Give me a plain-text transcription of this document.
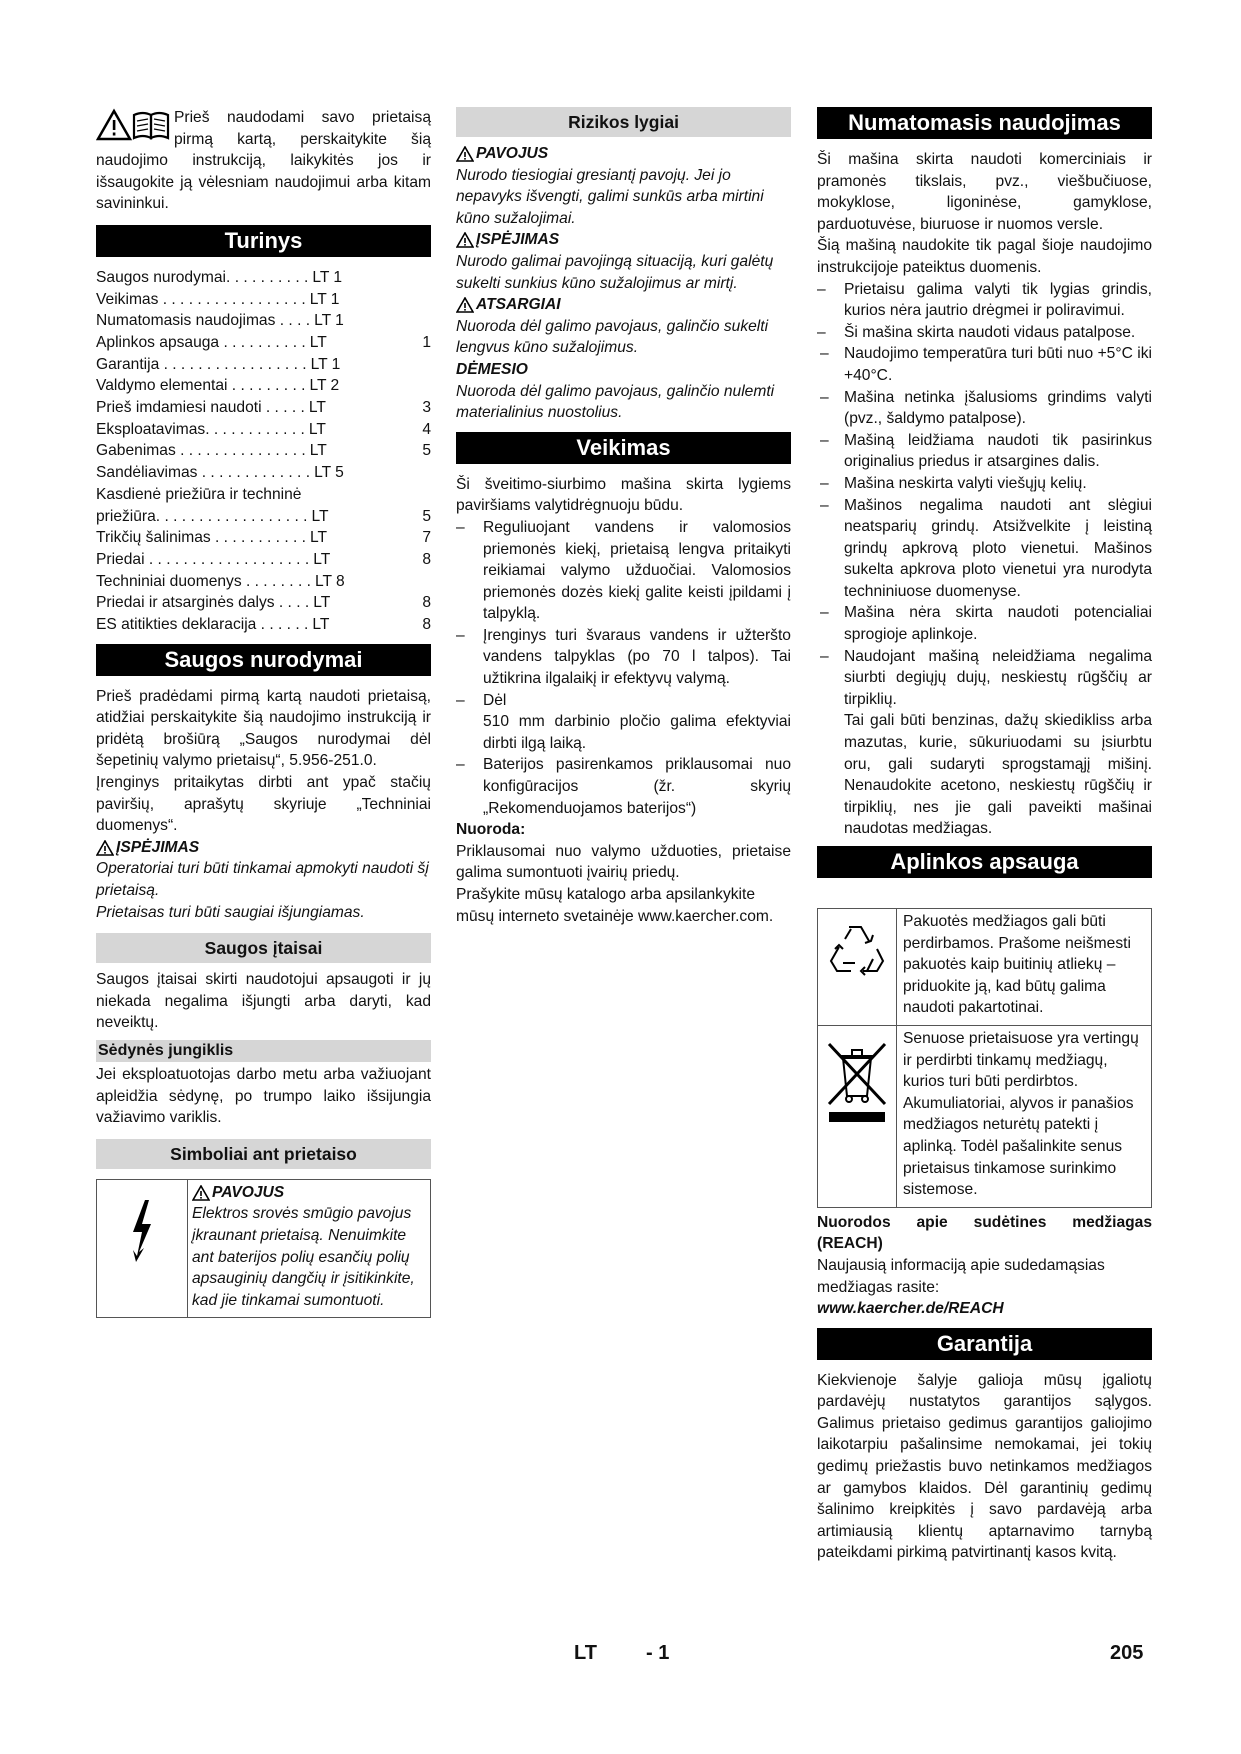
Prieš naudodami savo prietaisą pirmą kartą, perskaitykite šią naudojimo instrukciją, laikykitės jos ir išsaugokite ją vėlesniam naudojimui arba kitam savininkui.

Turinys
Saugos nurodymai. . . . . . . . . . LT 1
Veikimas . . . . . . . . . . . . . . . . . LT 1
Numatomasis naudojimas . . . . LT 1
Aplinkos apsauga . . . . . . . . . . LT	1
Garantija . . . . . . . . . . . . . . . . . LT 1
Valdymo elementai . . . . . . . . . LT 2
Prieš imdamiesi naudoti . . . . . LT	3
Eksploatavimas. . . . . . . . . . . . LT	4
Gabenimas . . . . . . . . . . . . . . . LT	5
Sandėliavimas . . . . . . . . . . . . . LT 5
Kasdienė priežiūra ir techninė
priežiūra. . . . . . . . . . . . . . . . . . LT	5
Trikčių šalinimas . . . . . . . . . . . LT	7
Priedai . . . . . . . . . . . . . . . . . . . LT	8
Techniniai duomenys . . . . . . . . LT 8
Priedai ir atsarginės dalys . . . . LT	8
ES atitikties deklaracija . . . . . . LT	8
Saugos nurodymai

Prieš pradėdami pirmą kartą naudoti prietaisą, atidžiai perskaitykite šią naudojimo instrukciją ir pridėtą brošiūrą „Saugos nurodymai dėl šepetinių valymo prietaisų“, 5.956-251.0.

Įrenginys pritaikytas dirbti ant ypač stačių paviršių, aprašytų skyriuje „Techniniai duomenys“.

ĮSPĖJIMAS

Operatoriai turi būti tinkamai apmokyti naudoti šį prietaisą.

Prietaisas turi būti saugiai išjungiamas.

Saugos įtaisai

Saugos įtaisai skirti naudotojui apsaugoti ir jų niekada negalima išjungti arba daryti, kad neveiktų.

Sėdynės jungiklis

Jei eksploatuotojas darbo metu arba važiuojant apleidžia sėdynę, po trumpo laiko išsijungia važiavimo variklis.

Simboliai ant prietaiso
PAVOJUS

Elektros srovės smūgio pavojus įkraunant prietaisą. Nenuimkite ant baterijos polių esančių polių apsauginių dangčių ir įsitikinkite, kad jie tinkamai sumontuoti.

Rizikos lygiai
PAVOJUS

Nurodo tiesiogiai gresiantį pavojų. Jei jo nepavyks išvengti, galimi sunkūs arba mirtini kūno sužalojimai.

ĮSPĖJIMAS

Nurodo galimai pavojingą situaciją, kuri galėtų sukelti sunkius kūno sužalojimus ar mirtį.

ATSARGIAI

Nuoroda dėl galimo pavojaus, galinčio sukelti lengvus kūno sužalojimus.

DĖMESIO

Nuoroda dėl galimo pavojaus, galinčio nulemti materialinius nuostolius.

Veikimas

Ši šveitimo-siurbimo mašina skirta lygiems paviršiams valytidrėgnuoju būdu.

– Reguliuojant vandens ir valomosios priemonės kiekį, prietaisą lengva pritaikyti reikiamai valymo užduočiai. Valomosios priemonės dozės kiekį galite keisti įpildami į talpyklą.
– Įrenginys turi švaraus vandens ir užteršto vandens talpyklas (po 70 l talpos). Tai užtikrina ilgalaikį ir efektyvų valymą.
– Dėl
510 mm darbinio pločio galima efektyviai dirbti ilgą laiką.
– Baterijos pasirenkamos priklausomai nuo konfigūracijos (žr. skyrių „Rekomenduojamos baterijos“)

Nuoroda:

Priklausomai nuo valymo užduoties, prietaise galima sumontuoti įvairių priedų.

Prašykite mūsų katalogo arba apsilankykite mūsų interneto svetainėje www.kaercher.com.

Numatomasis naudojimas

Ši mašina skirta naudoti komerciniais ir pramonės tikslais, pvz., viešbučiuose, mokyklose, ligoninėse, gamyklose, parduotuvėse, biuruose ir nuomos versle.

Šią mašiną naudokite tik pagal šioje naudojimo instrukcijoje pateiktus duomenis.

– Prietaisu galima valyti tik lygias grindis, kurios nėra jautrio drėgmei ir poliravimui.
– Ši mašina skirta naudoti vidaus patalpose.
– Naudojimo temperatūra turi būti nuo +5°C iki +40°C.
– Mašina netinka įšalusioms grindims valyti (pvz., šaldymo patalpose).
– Mašiną leidžiama naudoti tik pasirinkus originalius priedus ir atsargines dalis.
– Mašina neskirta valyti viešųjų kelių.
– Mašinos negalima naudoti ant slėgiui neatsparių grindų. Atsižvelkite į leistiną grindų apkrovą ploto vienetui. Mašinos sukelta apkrova ploto vienetui yra nurodyta techniniuose duomenyse.
– Mašina nėra skirta naudoti potencialiai sprogioje aplinkoje.
– Naudojant mašiną neleidžiama negalima siurbti degiųjų dujų, neskiestų rūgščių ar tirpiklių.
Tai gali būti benzinas, dažų skiedikliss arba mazutas, kurie, sūkuriuodami su įsiurbtu oru, gali sudaryti sprogstamąjį mišinį. Nenaudokite acetono, neskiestų rūgščių ir tirpiklių, nes jie gali paveikti mašinai naudotas medžiagas.
Aplinkos apsauga
Pakuotės medžiagos gali būti perdirbamos. Prašome neišmesti pakuotės kaip buitinių atliekų – priduokite ją, kad būtų galima naudoti pakartotinai.
Senuose prietaisuose yra vertingų ir perdirbti tinkamų medžiagų, kurios turi būti perdirbtos. Akumuliatoriai, alyvos ir panašios medžiagos neturėtų patekti į aplinką. Todėl pašalinkite senus prietaisus tinkamose surinkimo sistemose.

Nuorodos apie sudėtines medžiagas (REACH)

Naujausią informaciją apie sudedamąsias medžiagas rasite:

www.kaercher.de/REACH

Garantija

Kiekvienoje šalyje galioja mūsų įgaliotų pardavėjų nustatytos garantijos sąlygos. Galimus prietaiso gedimus garantijos galiojimo laikotarpiu pašalinsime nemokamai, jei tokių gedimų priežastis buvo netinkamos medžiagos ar gamybos klaidos. Dėl garantinių gedimų šalinimo kreipkitės į savo pardavėją arba artimiausią klientų aptarnavimo tarnybą pateikdami pirkimą patvirtinantį kasos kvitą.

LT - 1	205
